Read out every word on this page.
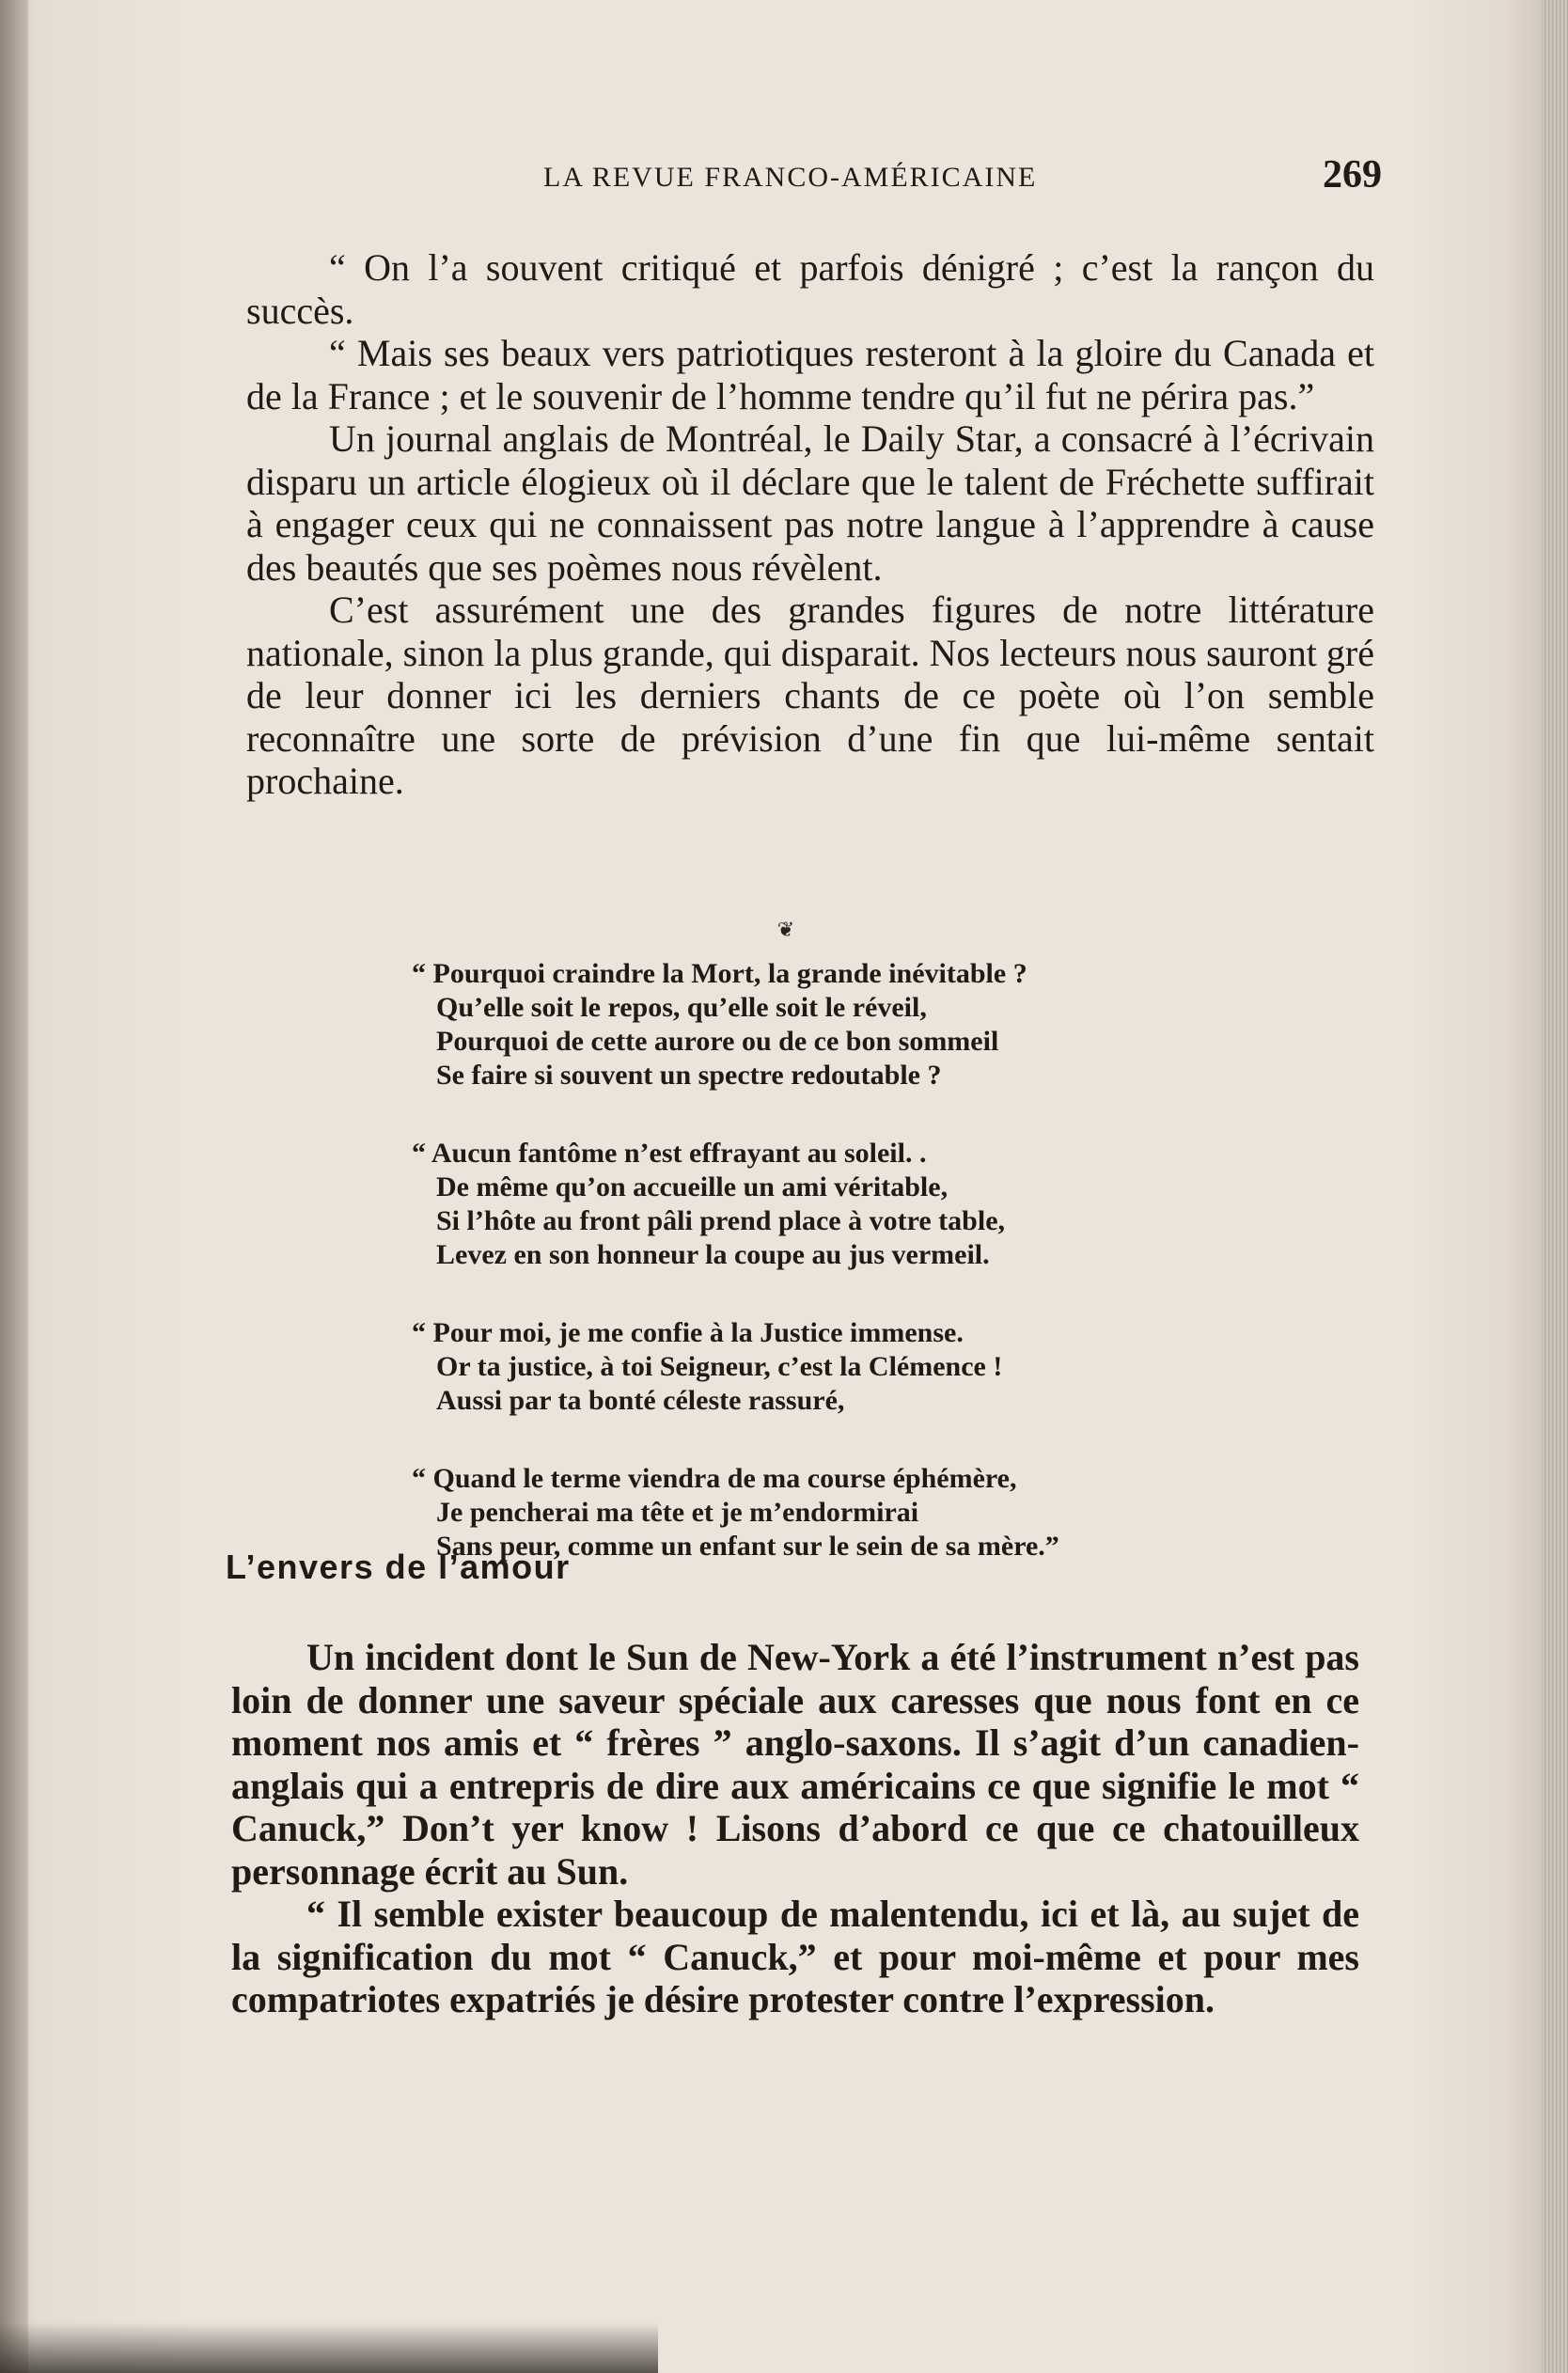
LA REVUE FRANCO-AMÉRICAINE	269

“ On l’a souvent critiqué et parfois dénigré ; c’est la rançon du succès.

“ Mais ses beaux vers patriotiques resteront à la gloire du Canada et de la France ; et le souvenir de l’homme tendre qu’il fut ne périra pas.”

Un journal anglais de Montréal, le Daily Star, a consacré à l’écrivain disparu un article élogieux où il déclare que le talent de Fréchette suffirait à engager ceux qui ne connaissent pas notre langue à l’apprendre à cause des beautés que ses poèmes nous révèlent.

C’est assurément une des grandes figures de notre littérature nationale, sinon la plus grande, qui disparait. Nos lecteurs nous sauront gré de leur donner ici les derniers chants de ce poète où l’on semble reconnaître une sorte de prévision d’une fin que lui-même sentait prochaine.

❦
“ Pourquoi craindre la Mort, la grande inévitable ?
Qu’elle soit le repos, qu’elle soit le réveil,
Pourquoi de cette aurore ou de ce bon sommeil
Se faire si souvent un spectre redoutable ?
“ Aucun fantôme n’est effrayant au soleil. .
De même qu’on accueille un ami véritable,
Si l’hôte au front pâli prend place à votre table,
Levez en son honneur la coupe au jus vermeil.
“ Pour moi, je me confie à la Justice immense.
Or ta justice, à toi Seigneur, c’est la Clémence !
Aussi par ta bonté céleste rassuré,
“ Quand le terme viendra de ma course éphémère,
Je pencherai ma tête et je m’endormirai
Sans peur, comme un enfant sur le sein de sa mère.”
L’envers de l’amour

Un incident dont le Sun de New-York a été l’instrument n’est pas loin de donner une saveur spéciale aux caresses que nous font en ce moment nos amis et “ frères ” anglo-saxons. Il s’agit d’un canadien-anglais qui a entrepris de dire aux américains ce que signifie le mot “ Canuck,” Don’t yer know ! Lisons d’abord ce que ce chatouilleux personnage écrit au Sun.

“ Il semble exister beaucoup de malentendu, ici et là, au sujet de la signification du mot “ Canuck,” et pour moi-même et pour mes compatriotes expatriés je désire protester contre l’expression.
